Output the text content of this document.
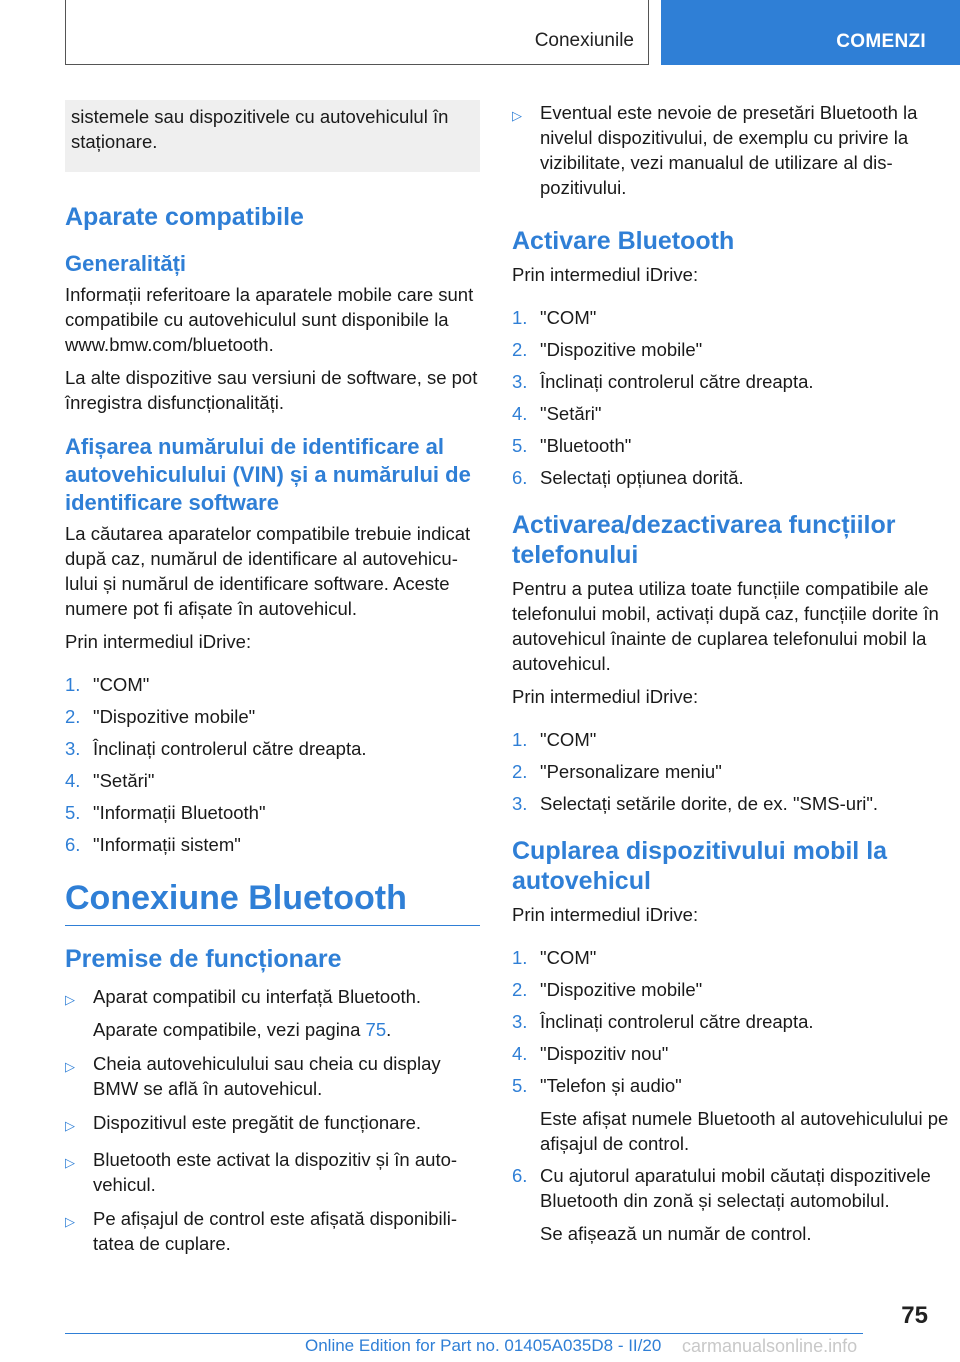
Conexiunile	COMENZI

sistemele sau dispozitivele cu autovehiculul în staționare.

Aparate compatibile
Generalități

Informații referitoare la aparatele mobile care sunt compatibile cu autovehiculul sunt disponibile la www.bmw.com/bluetooth.

La alte dispozitive sau versiuni de software, se pot înregistra disfuncționalități.

Afișarea numărului de identificare al autovehiculului (VIN) și a numărului de identificare software

La căutarea aparatelor compatibile trebuie indicat după caz, numărul de identificare al autovehiculului și numărul de identificare software. Aceste numere pot fi afișate în autovehicul.

Prin intermediul iDrive:

1. "COM"
2. "Dispozitive mobile"
3. Înclinați controlerul către dreapta.
4. "Setări"
5. "Informații Bluetooth"
6. "Informații sistem"
Conexiune Bluetooth
Premise de funcționare
▷ Aparat compatibil cu interfață Bluetooth.
Aparate compatibile, vezi pagina 75.
▷ Cheia autovehiculului sau cheia cu display BMW se află în autovehicul.
▷ Dispozitivul este pregătit de funcționare.
▷ Bluetooth este activat la dispozitiv și în autovehicul.
▷ Pe afișajul de control este afișată disponibilitatea de cuplare.
▷ Eventual este nevoie de presetări Bluetooth la nivelul dispozitivului, de exemplu cu privire la vizibilitate, vezi manualul de utilizare al dispozitivului.
Activare Bluetooth

Prin intermediul iDrive:

1. "COM"
2. "Dispozitive mobile"
3. Înclinați controlerul către dreapta.
4. "Setări"
5. "Bluetooth"
6. Selectați opțiunea dorită.
Activarea/dezactivarea funcțiilor telefonului

Pentru a putea utiliza toate funcțiile compatibile ale telefonului mobil, activați după caz, funcțiile dorite în autovehicul înainte de cuplarea telefonului mobil la autovehicul.

Prin intermediul iDrive:

1. "COM"
2. "Personalizare meniu"
3. Selectați setările dorite, de ex. "SMS-uri".
Cuplarea dispozitivului mobil la autovehicul

Prin intermediul iDrive:

1. "COM"
2. "Dispozitive mobile"
3. Înclinați controlerul către dreapta.
4. "Dispozitiv nou"
5. "Telefon și audio"
Este afișat numele Bluetooth al autovehiculului pe afișajul de control.
6. Cu ajutorul aparatului mobil căutați dispozitivele Bluetooth din zonă și selectați automobilul.
Se afișează un număr de control.
75
Online Edition for Part no. 01405A035D8 - II/20 carmanualsonline.info
